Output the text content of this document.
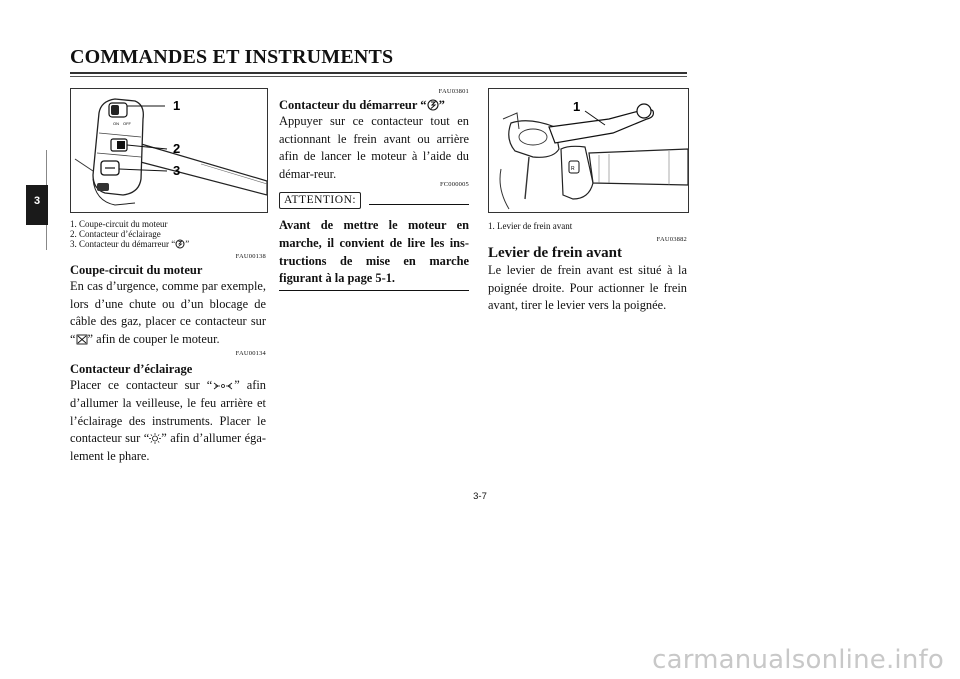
COMMANDES ET INSTRUMENTS
3
ON OFF
1
2
3
1. Coupe-circuit du moteur
2. Contacteur d’éclairage
3. Contacteur du démarreur “ ”
FAU00138
Coupe-circuit du moteur
En cas d’urgence, comme par exemple, lors d’une chute ou d’un blocage de câble des gaz, placer ce contacteur sur “ ” afin de couper le moteur.
FAU00134
Contacteur d’éclairage
Placer ce contacteur sur “ ” afin d’allumer la veilleuse, le feu arrière et l’éclairage des instruments. Placer le contacteur sur “ ” afin d’allumer éga-lement le phare.
FAU03801
Contacteur du démarreur “ ”
Appuyer sur ce contacteur tout en actionnant le frein avant ou arrière afin de lancer le moteur à l’aide du démar-reur.
FC000005
ATTENTION:
Avant de mettre le moteur en marche, il convient de lire les ins-tructions de mise en marche figurant à la page 5-1.
R
1
1. Levier de frein avant
FAU03882
Levier de frein avant
Le levier de frein avant est situé à la poignée droite. Pour actionner le frein avant, tirer le levier vers la poignée.
3-7
carmanualsonline.info
